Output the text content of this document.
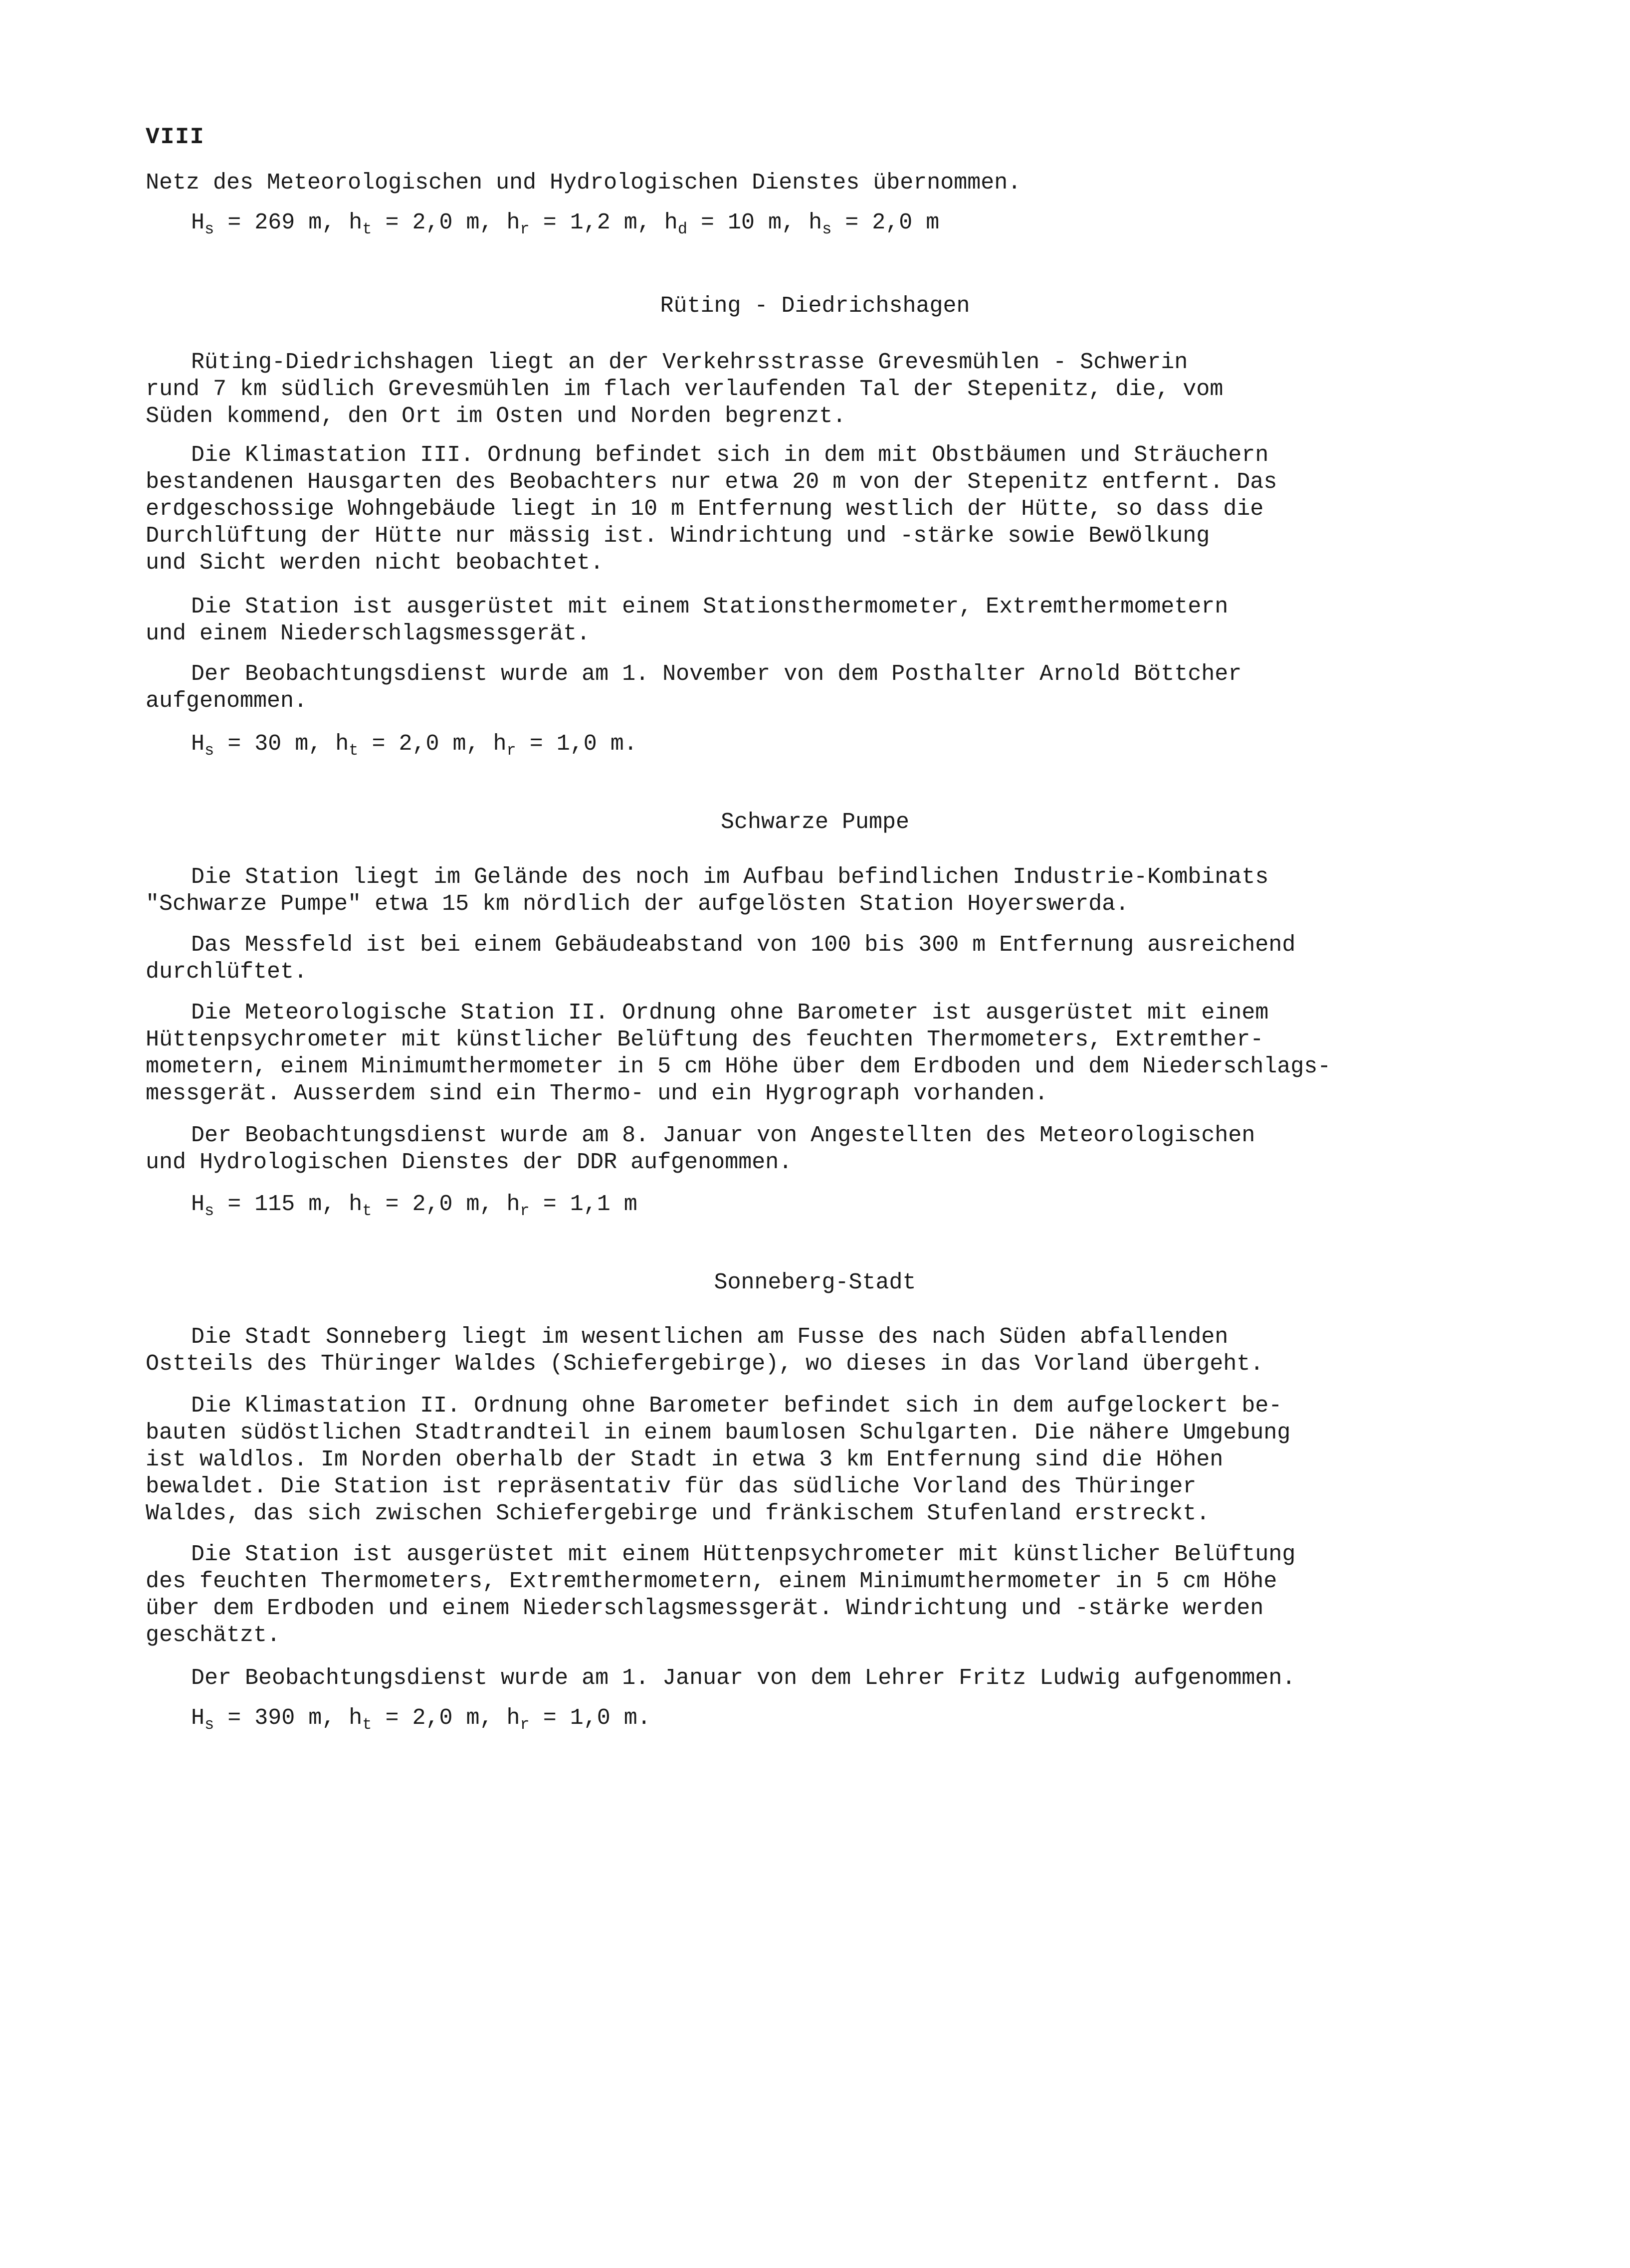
VIII
Netz des Meteorologischen und Hydrologischen Dienstes übernommen.
$H_s = 269$ m, $h_t = 2,0$ m, $h_r = 1,2$ m, $h_d = 10$ m, $h_s = 2,0$ m
Rüting - Diedrichshagen
Rüting-Diedrichshagen liegt an der Verkehrsstrasse Grevesmühlen - Schwerin
rund 7 km südlich Grevesmühlen im flach verlaufenden Tal der Stepenitz, die, vom
Süden kommend, den Ort im Osten und Norden begrenzt.
Die Klimastation III. Ordnung befindet sich in dem mit Obstbäumen und Sträuchern
bestandenen Hausgarten des Beobachters nur etwa 20 m von der Stepenitz entfernt. Das
erdgeschossige Wohngebäude liegt in 10 m Entfernung westlich der Hütte, so dass die
Durchlüftung der Hütte nur mässig ist. Windrichtung und -stärke sowie Bewölkung
und Sicht werden nicht beobachtet.
Die Station ist ausgerüstet mit einem Stationsthermometer, Extremthermometern
und einem Niederschlagsmessgerät.
Der Beobachtungsdienst wurde am 1. November von dem Posthalter Arnold Böttcher
aufgenommen.
$H_s = 30$ m, $h_t = 2,0$ m, $h_r = 1,0$ m.
Schwarze Pumpe
Die Station liegt im Gelände des noch im Aufbau befindlichen Industrie-Kombinats
"Schwarze Pumpe" etwa 15 km nördlich der aufgelösten Station Hoyerswerda.
Das Messfeld ist bei einem Gebäudeabstand von 100 bis 300 m Entfernung ausreichend
durchlüftet.
Die Meteorologische Station II. Ordnung ohne Barometer ist ausgerüstet mit einem
Hüttenpsychrometer mit künstlicher Belüftung des feuchten Thermometers, Extremther-
mometern, einem Minimumthermometer in 5 cm Höhe über dem Erdboden und dem Niederschlags-
messgerät. Ausserdem sind ein Thermo- und ein Hygrograph vorhanden.
Der Beobachtungsdienst wurde am 8. Januar von Angestellten des Meteorologischen
und Hydrologischen Dienstes der DDR aufgenommen.
$H_s = 115$ m, $h_t = 2,0$ m, $h_r = 1,1$ m
Sonneberg-Stadt
Die Stadt Sonneberg liegt im wesentlichen am Fusse des nach Süden abfallenden
Ostteils des Thüringer Waldes (Schiefergebirge), wo dieses in das Vorland übergeht.
Die Klimastation II. Ordnung ohne Barometer befindet sich in dem aufgelockert be-
bauten südöstlichen Stadtrandteil in einem baumlosen Schulgarten. Die nähere Umgebung
ist waldlos. Im Norden oberhalb der Stadt in etwa 3 km Entfernung sind die Höhen
bewaldet. Die Station ist repräsentativ für das südliche Vorland des Thüringer
Waldes, das sich zwischen Schiefergebirge und fränkischem Stufenland erstreckt.
Die Station ist ausgerüstet mit einem Hüttenpsychrometer mit künstlicher Belüftung
des feuchten Thermometers, Extremthermometern, einem Minimumthermometer in 5 cm Höhe
über dem Erdboden und einem Niederschlagsmessgerät. Windrichtung und -stärke werden
geschätzt.
Der Beobachtungsdienst wurde am 1. Januar von dem Lehrer Fritz Ludwig aufgenommen.
$H_s = 390$ m, $h_t = 2,0$ m, $h_r = 1,0$ m.
